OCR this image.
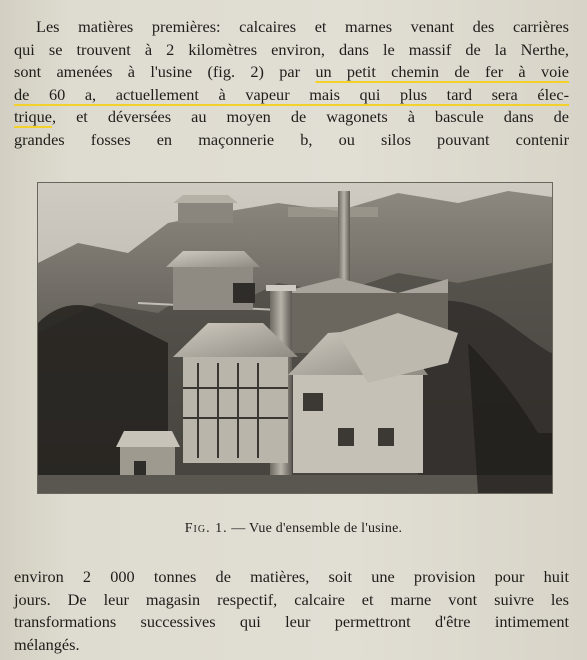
Les matières premières: calcaires et marnes venant des carrières
qui se trouvent à 2 kilomètres environ, dans le massif de la Nerthe,
sont amenées à l'usine (fig. 2) par un petit chemin de fer à voie
de 60 a, actuellement à vapeur mais qui plus tard sera élec-
trique, et déversées au moyen de wagonets à bascule dans de
grandes fosses en maçonnerie b, ou silos pouvant contenir
Fig. 1. — Vue d'ensemble de l'usine.
environ 2 000 tonnes de matières, soit une provision pour huit
jours. De leur magasin respectif, calcaire et marne vont suivre les
transformations successives qui leur permettront d'être intimement
mélangés.
